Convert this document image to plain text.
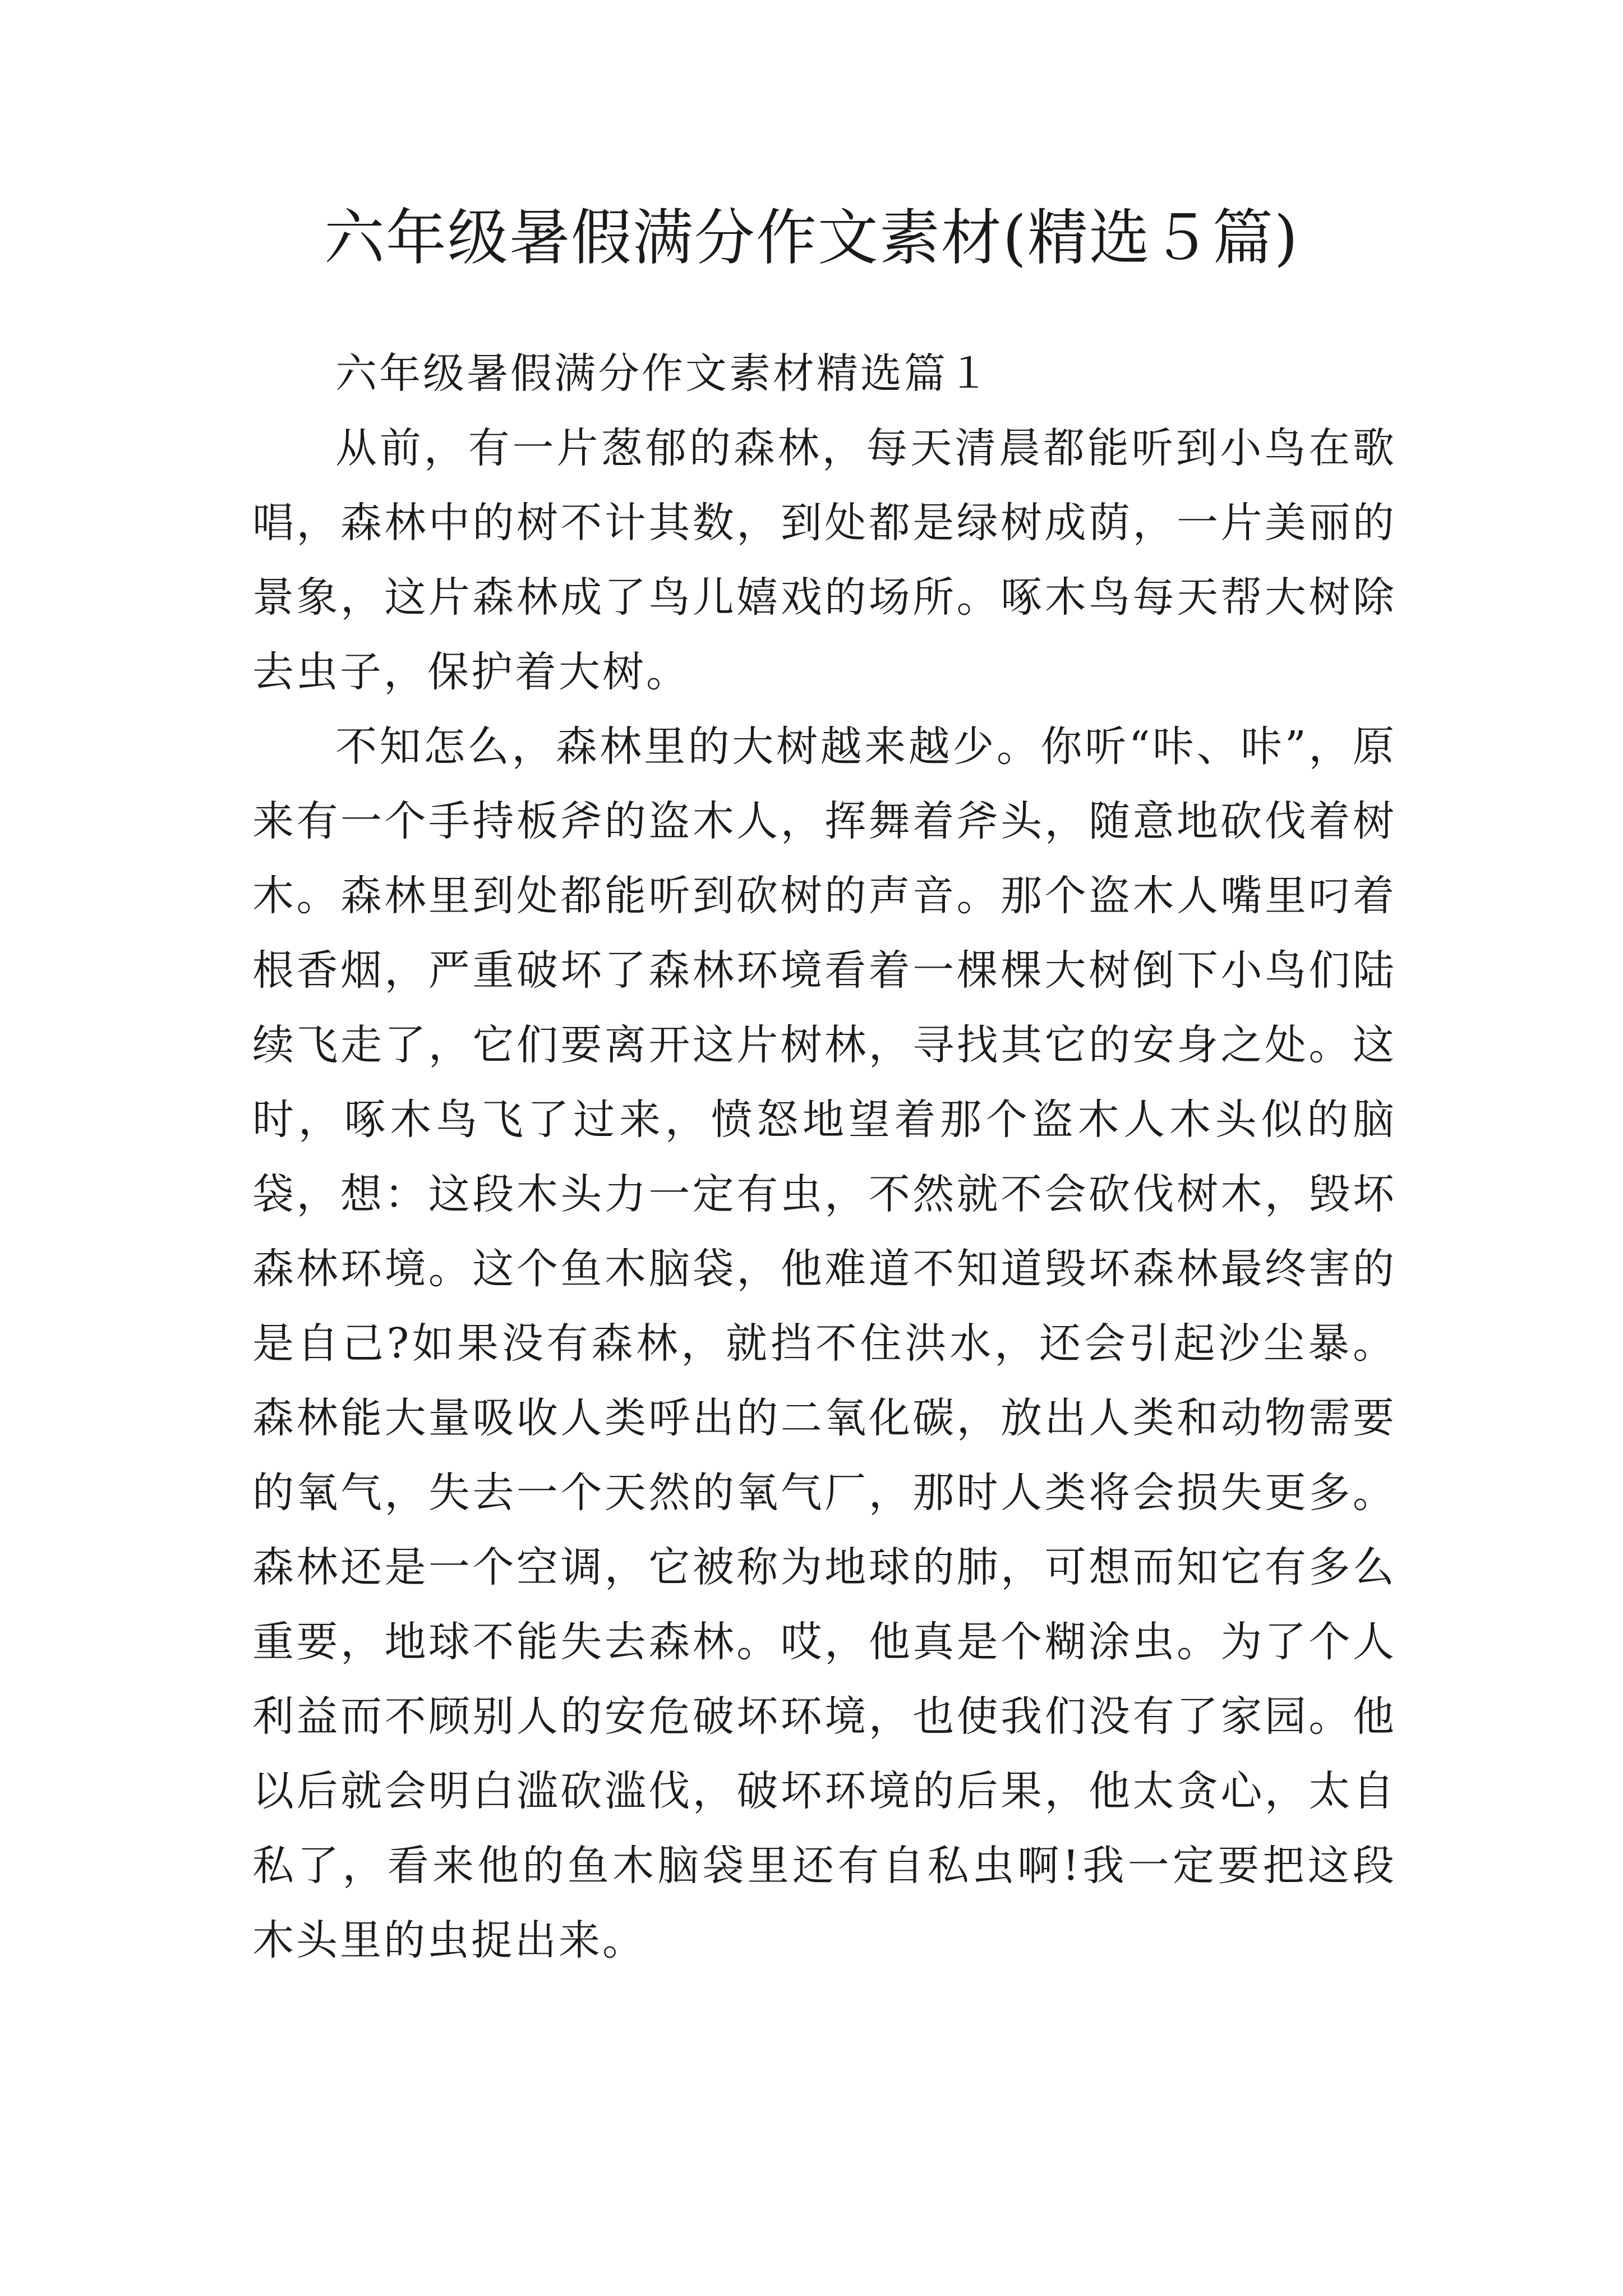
六年级暑假满分作文素材(精选５篇)

六年级暑假满分作文素材精选篇１

从前，有一片葱郁的森林，每天清晨都能听到小鸟在歌唱，森林中的树不计其数，到处都是绿树成荫，一片美丽的景象，这片森林成了鸟儿嬉戏的场所。啄木鸟每天帮大树除去虫子，保护着大树。

不知怎么，森林里的大树越来越少。你听“咔、咔”，原来有一个手持板斧的盗木人，挥舞着斧头，随意地砍伐着树木。森林里到处都能听到砍树的声音。那个盗木人嘴里叼着根香烟，严重破坏了森林环境看着一棵棵大树倒下小鸟们陆续飞走了，它们要离开这片树林，寻找其它的安身之处。这时，啄木鸟飞了过来，愤怒地望着那个盗木人木头似的脑袋，想：这段木头力一定有虫，不然就不会砍伐树木，毁坏森林环境。这个鱼木脑袋，他难道不知道毁坏森林最终害的是自己?如果没有森林，就挡不住洪水，还会引起沙尘暴。森林能大量吸收人类呼出的二氧化碳，放出人类和动物需要的氧气，失去一个天然的氧气厂，那时人类将会损失更多。森林还是一个空调，它被称为地球的肺，可想而知它有多么重要，地球不能失去森林。哎，他真是个糊涂虫。为了个人利益而不顾别人的安危破坏环境，也使我们没有了家园。他以后就会明白滥砍滥伐，破坏环境的后果，他太贪心，太自私了，看来他的鱼木脑袋里还有自私虫啊!我一定要把这段木头里的虫捉出来。
